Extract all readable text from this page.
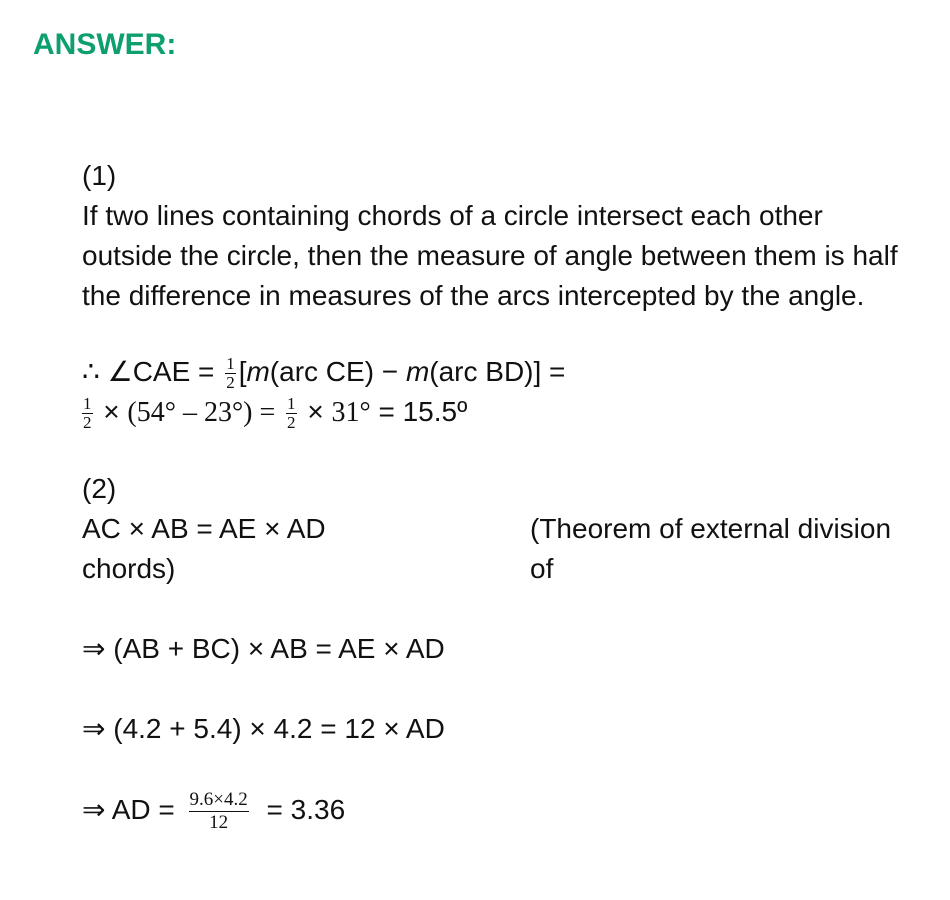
ANSWER:

(1)

If two lines containing chords of a circle intersect each other outside the circle, then the measure of angle between them is half the difference in measures of the arcs intercepted by the angle.

∴ ∠CAE = $\frac{1}{2} [m(arc$ CE) − m(arc BD)] =
$\frac{1}{2} \times (54^\circ - 23^\circ) = \frac{1}{2} \times 31^\circ$ = 15.5º

(2)

AC × AB = AE × AD	(Theorem of external division of

chords)

⇒ (AB + BC) × AB = AE × AD

⇒ (4.2 + 5.4) × 4.2 = 12 × AD

⇒ AD = $\frac{9.6\times 4.2}{12} = 3.36$
